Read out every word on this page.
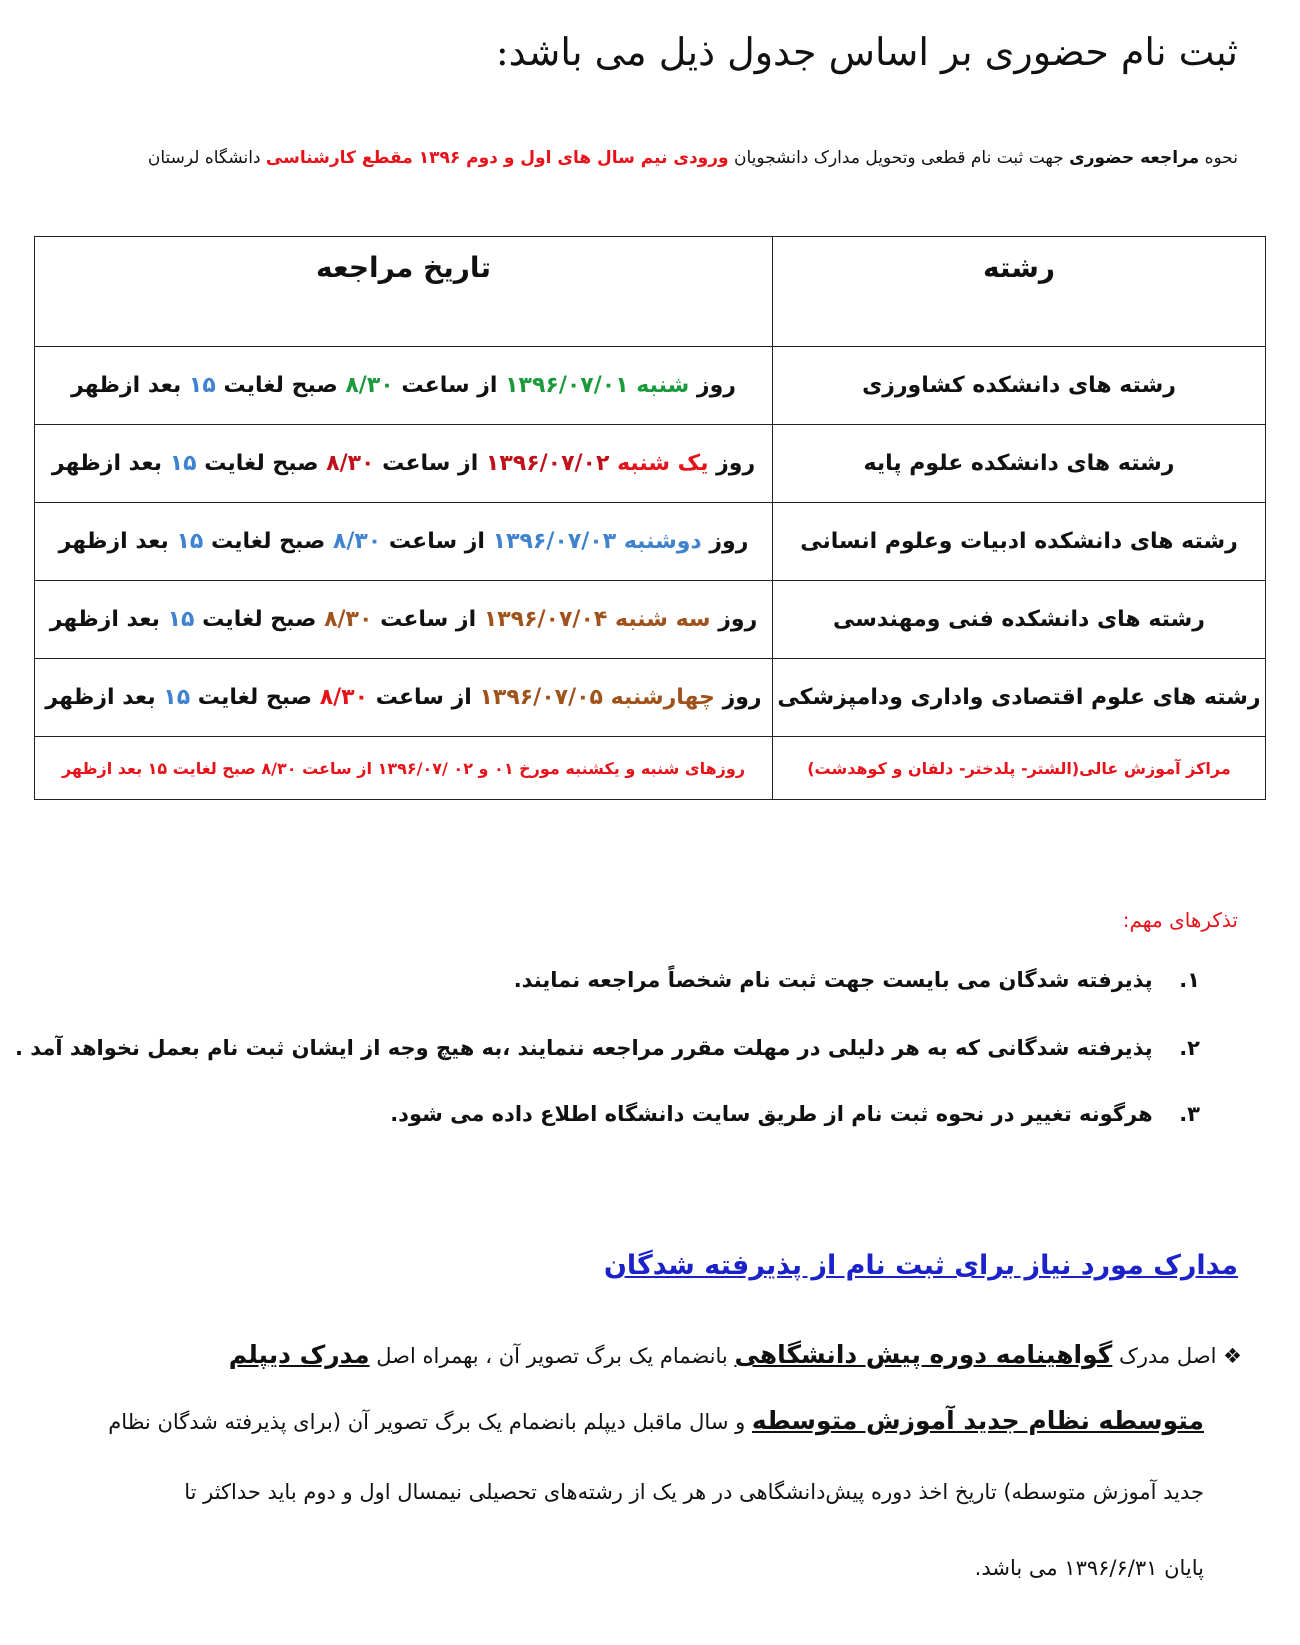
ثبت نام حضوری بر اساس جدول ذیل می باشد:
نحوه مراجعه حضوری جهت ثبت نام قطعی وتحویل مدارک دانشجویان ورودی نیم سال های اول و دوم ۱۳۹۶ مقطع کارشناسی دانشگاه لرستان
رشته	تاریخ مراجعه
رشته های دانشکده کشاورزی	روز شنبه ۱۳۹۶/۰۷/۰۱ از ساعت ۸/۳۰ صبح لغایت ۱۵ بعد ازظهر
رشته های دانشکده علوم پایه	روز یک شنبه ۱۳۹۶/۰۷/۰۲ از ساعت ۸/۳۰ صبح لغایت ۱۵ بعد ازظهر
رشته های دانشکده ادبیات وعلوم انسانی	روز دوشنبه ۱۳۹۶/۰۷/۰۳ از ساعت ۸/۳۰ صبح لغایت ۱۵ بعد ازظهر
رشته های دانشکده فنی ومهندسی	روز سه شنبه ۱۳۹۶/۰۷/۰۴ از ساعت ۸/۳۰ صبح لغایت ۱۵ بعد ازظهر
رشته های علوم اقتصادی واداری ودامپزشکی	روز چهارشنبه ۱۳۹۶/۰۷/۰۵ از ساعت ۸/۳۰ صبح لغایت ۱۵ بعد ازظهر
مراکز آموزش عالی(الشتر- پلدختر- دلفان و کوهدشت)	روزهای شنبه و یکشنبه مورخ ۰۱ و ۰۲ /۱۳۹۶/۰۷ از ساعت ۸/۳۰ صبح لغایت ۱۵ بعد ازظهر
تذکرهای مهم:
۱. پذیرفته شدگان می بایست جهت ثبت نام شخصاً مراجعه نمایند.
۲. پذیرفته شدگانی که به هر دلیلی در مهلت مقرر مراجعه ننمایند ،به هیچ وجه از ایشان ثبت نام بعمل نخواهد آمد .
۳. هرگونه تغییر در نحوه ثبت نام از طریق سایت دانشگاه اطلاع داده می شود.
مدارک مورد نیاز برای ثبت نام از پذیرفته شدگان
❖ اصل مدرک گواهینامه دوره پیش دانشگاهی بانضمام یک برگ تصویر آن ، بهمراه اصل مدرک دیپلم
متوسطه نظام جدید آموزش متوسطه و سال ماقبل دیپلم بانضمام یک برگ تصویر آن (برای پذیرفته شدگان نظام
جدید آموزش متوسطه) تاریخ اخذ دوره پیش‌دانشگاهی در هر یک از رشته‌های تحصیلی نیمسال اول و دوم باید حداکثر تا
پایان ۱۳۹۶/۶/۳۱ می باشد.
